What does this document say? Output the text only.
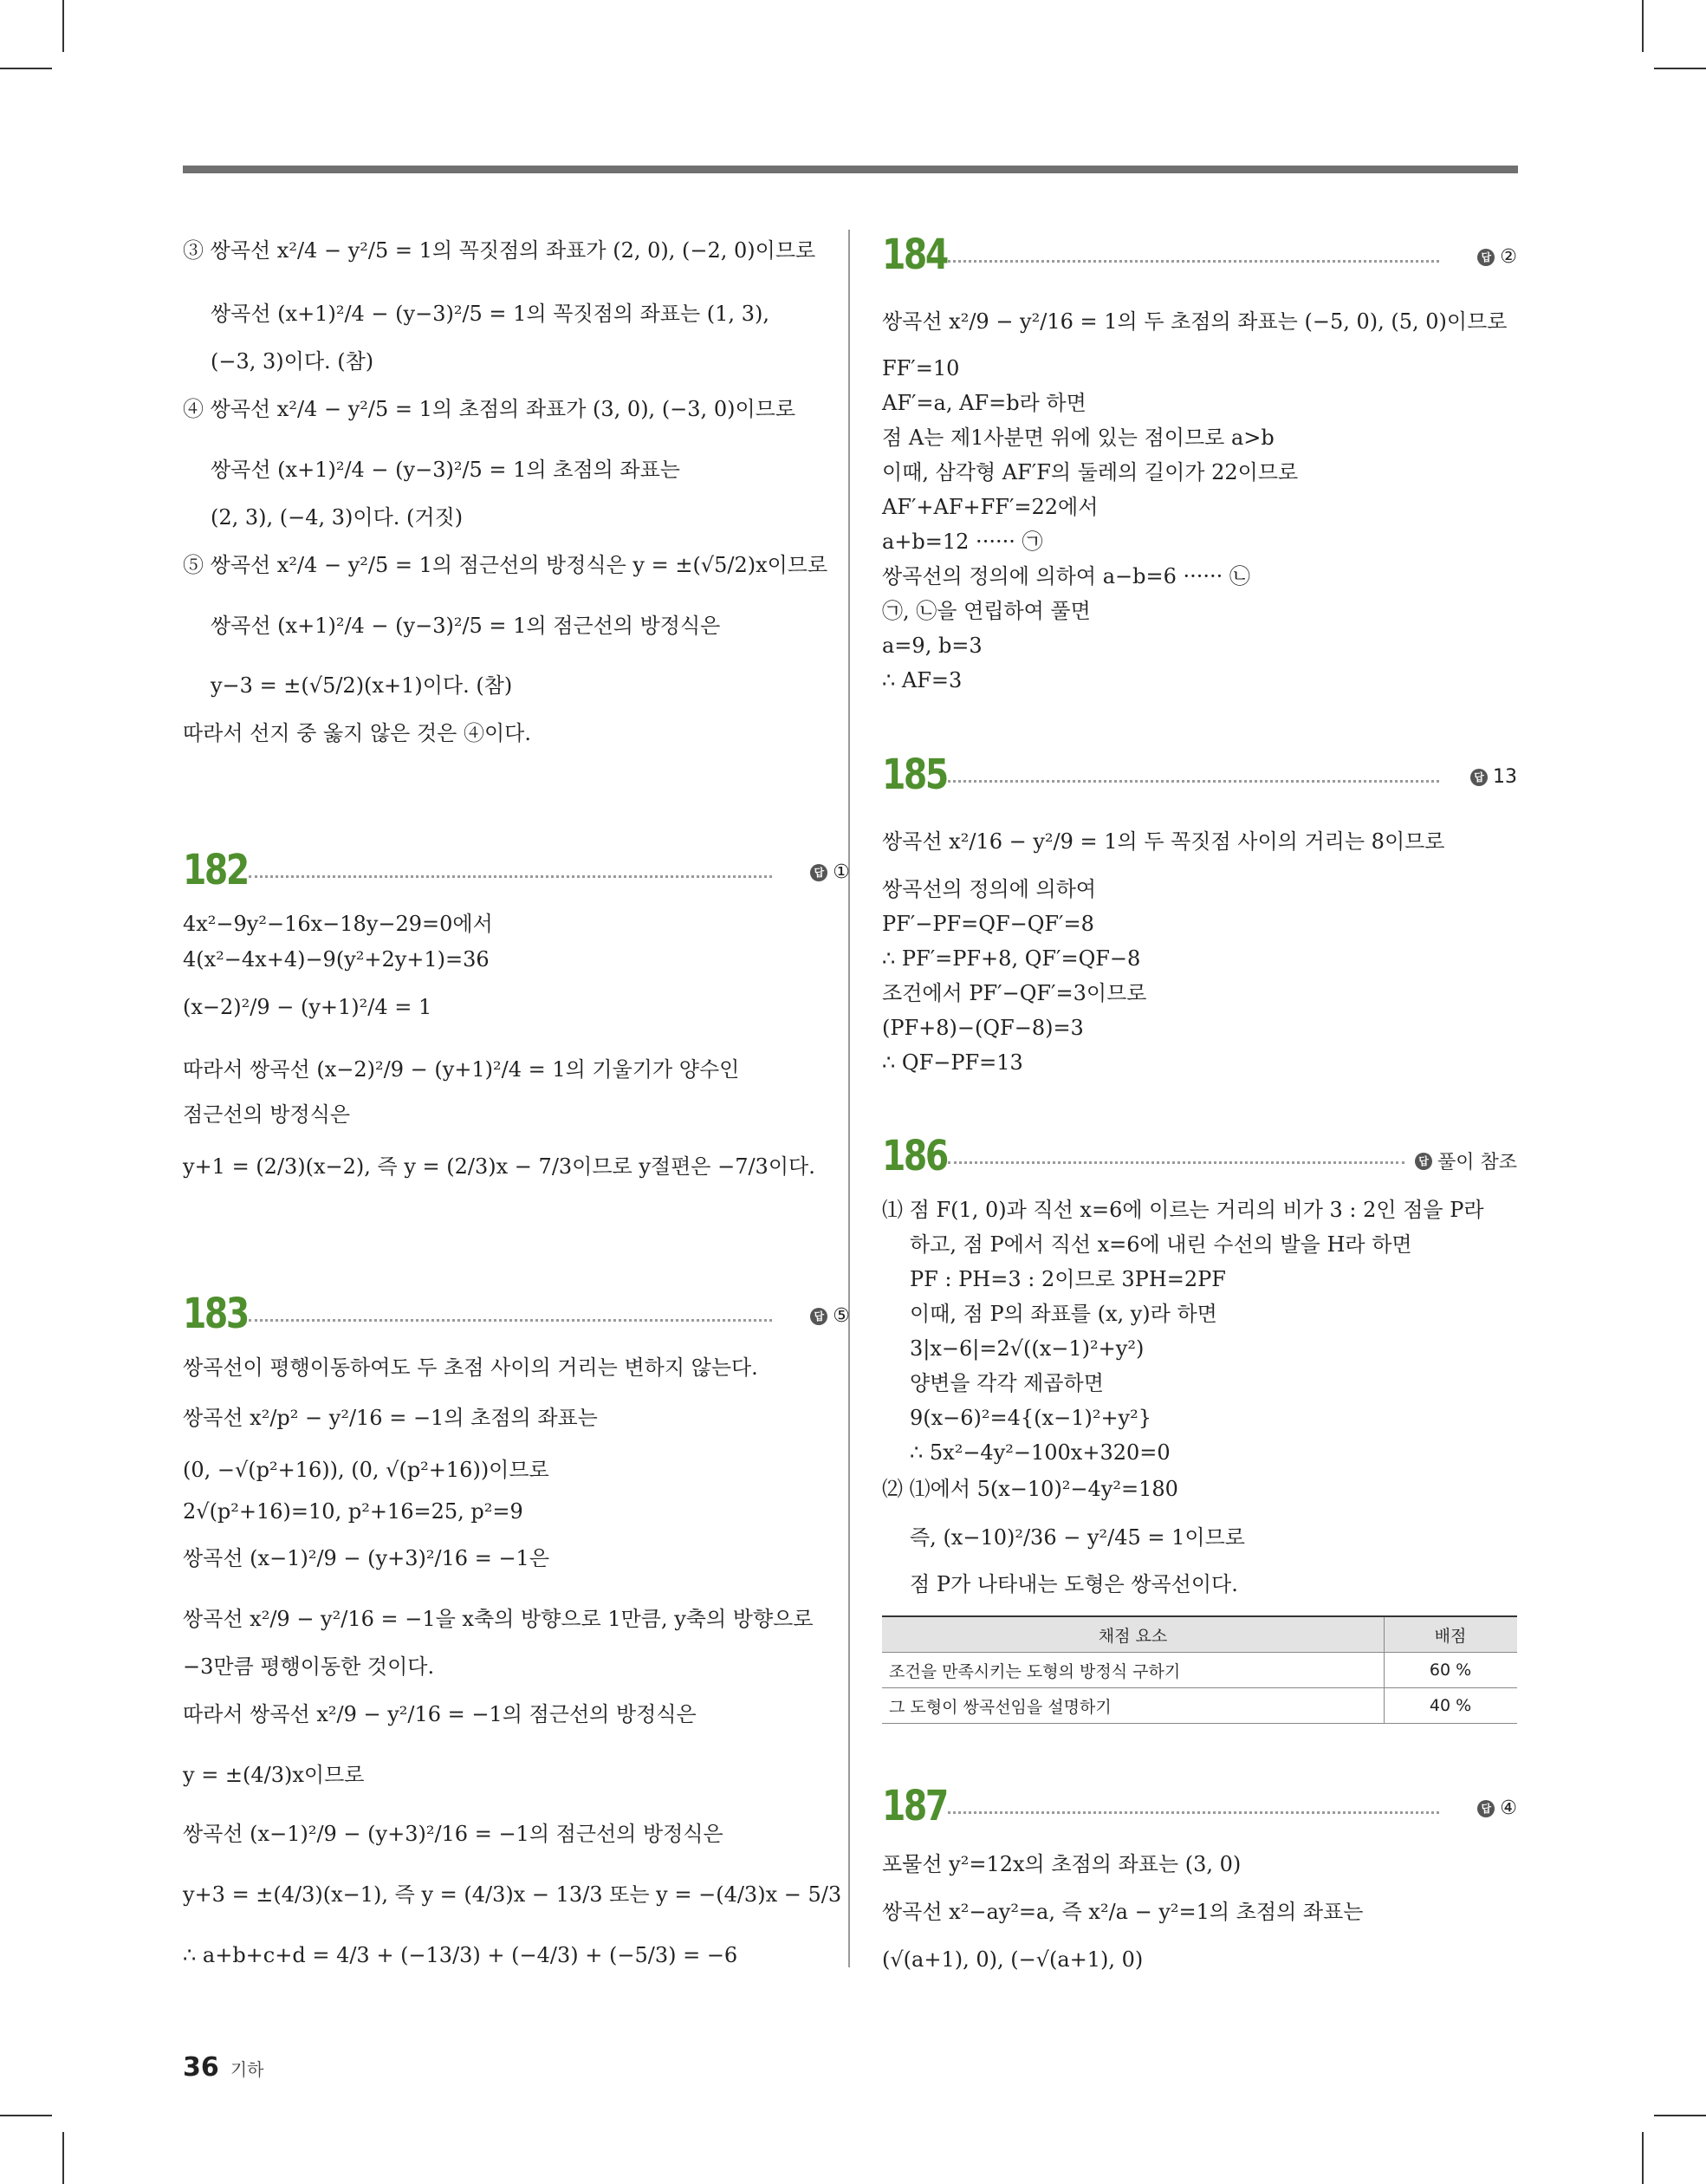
③ 쌍곡선 x²/4 − y²/5 = 1의 꼭짓점의 좌표가 (2, 0), (−2, 0)이므로
쌍곡선 (x+1)²/4 − (y−3)²/5 = 1의 꼭짓점의 좌표는 (1, 3),
(−3, 3)이다. (참)
④ 쌍곡선 x²/4 − y²/5 = 1의 초점의 좌표가 (3, 0), (−3, 0)이므로
쌍곡선 (x+1)²/4 − (y−3)²/5 = 1의 초점의 좌표는
(2, 3), (−4, 3)이다. (거짓)
⑤ 쌍곡선 x²/4 − y²/5 = 1의 점근선의 방정식은 y = ±(√5/2)x이므로
쌍곡선 (x+1)²/4 − (y−3)²/5 = 1의 점근선의 방정식은
y−3 = ±(√5/2)(x+1)이다. (참)
따라서 선지 중 옳지 않은 것은 ④이다.
182	답 ①
4x²−9y²−16x−18y−29=0에서
4(x²−4x+4)−9(y²+2y+1)=36
(x−2)²/9 − (y+1)²/4 = 1
따라서 쌍곡선 (x−2)²/9 − (y+1)²/4 = 1의 기울기가 양수인
점근선의 방정식은
y+1 = (2/3)(x−2), 즉 y = (2/3)x − 7/3이므로 y절편은 −7/3이다.
183	답 ⑤
쌍곡선이 평행이동하여도 두 초점 사이의 거리는 변하지 않는다.
쌍곡선 x²/p² − y²/16 = −1의 초점의 좌표는
(0, −√(p²+16)), (0, √(p²+16))이므로
2√(p²+16)=10, p²+16=25, p²=9
쌍곡선 (x−1)²/9 − (y+3)²/16 = −1은
쌍곡선 x²/9 − y²/16 = −1을 x축의 방향으로 1만큼, y축의 방향으로
−3만큼 평행이동한 것이다.
따라서 쌍곡선 x²/9 − y²/16 = −1의 점근선의 방정식은
y = ±(4/3)x이므로
쌍곡선 (x−1)²/9 − (y+3)²/16 = −1의 점근선의 방정식은
y+3 = ±(4/3)(x−1), 즉 y = (4/3)x − 13/3 또는 y = −(4/3)x − 5/3
∴ a+b+c+d = 4/3 + (−13/3) + (−4/3) + (−5/3) = −6
184	답 ②
쌍곡선 x²/9 − y²/16 = 1의 두 초점의 좌표는 (−5, 0), (5, 0)이므로
FF′=10
AF′=a, AF=b라 하면
점 A는 제1사분면 위에 있는 점이므로 a>b
이때, 삼각형 AF′F의 둘레의 길이가 22이므로
AF′+AF+FF′=22에서
a+b=12 ······ ㉠
쌍곡선의 정의에 의하여 a−b=6 ······ ㉡
㉠, ㉡을 연립하여 풀면
a=9, b=3
∴ AF=3
185	답 13
쌍곡선 x²/16 − y²/9 = 1의 두 꼭짓점 사이의 거리는 8이므로
쌍곡선의 정의에 의하여
PF′−PF=QF−QF′=8
∴ PF′=PF+8, QF′=QF−8
조건에서 PF′−QF′=3이므로
(PF+8)−(QF−8)=3
∴ QF−PF=13
186	답 풀이 참조
⑴ 점 F(1, 0)과 직선 x=6에 이르는 거리의 비가 3 : 2인 점을 P라
하고, 점 P에서 직선 x=6에 내린 수선의 발을 H라 하면
PF : PH=3 : 2이므로 3PH=2PF
이때, 점 P의 좌표를 (x, y)라 하면
3|x−6|=2√((x−1)²+y²)
양변을 각각 제곱하면
9(x−6)²=4{(x−1)²+y²}
∴ 5x²−4y²−100x+320=0
⑵ ⑴에서 5(x−10)²−4y²=180
즉, (x−10)²/36 − y²/45 = 1이므로
점 P가 나타내는 도형은 쌍곡선이다.
채점 요소	배점
조건을 만족시키는 도형의 방정식 구하기	60 %
그 도형이 쌍곡선임을 설명하기	40 %
187	답 ④
포물선 y²=12x의 초점의 좌표는 (3, 0)
쌍곡선 x²−ay²=a, 즉 x²/a − y²=1의 초점의 좌표는
(√(a+1), 0), (−√(a+1), 0)
36 기하
